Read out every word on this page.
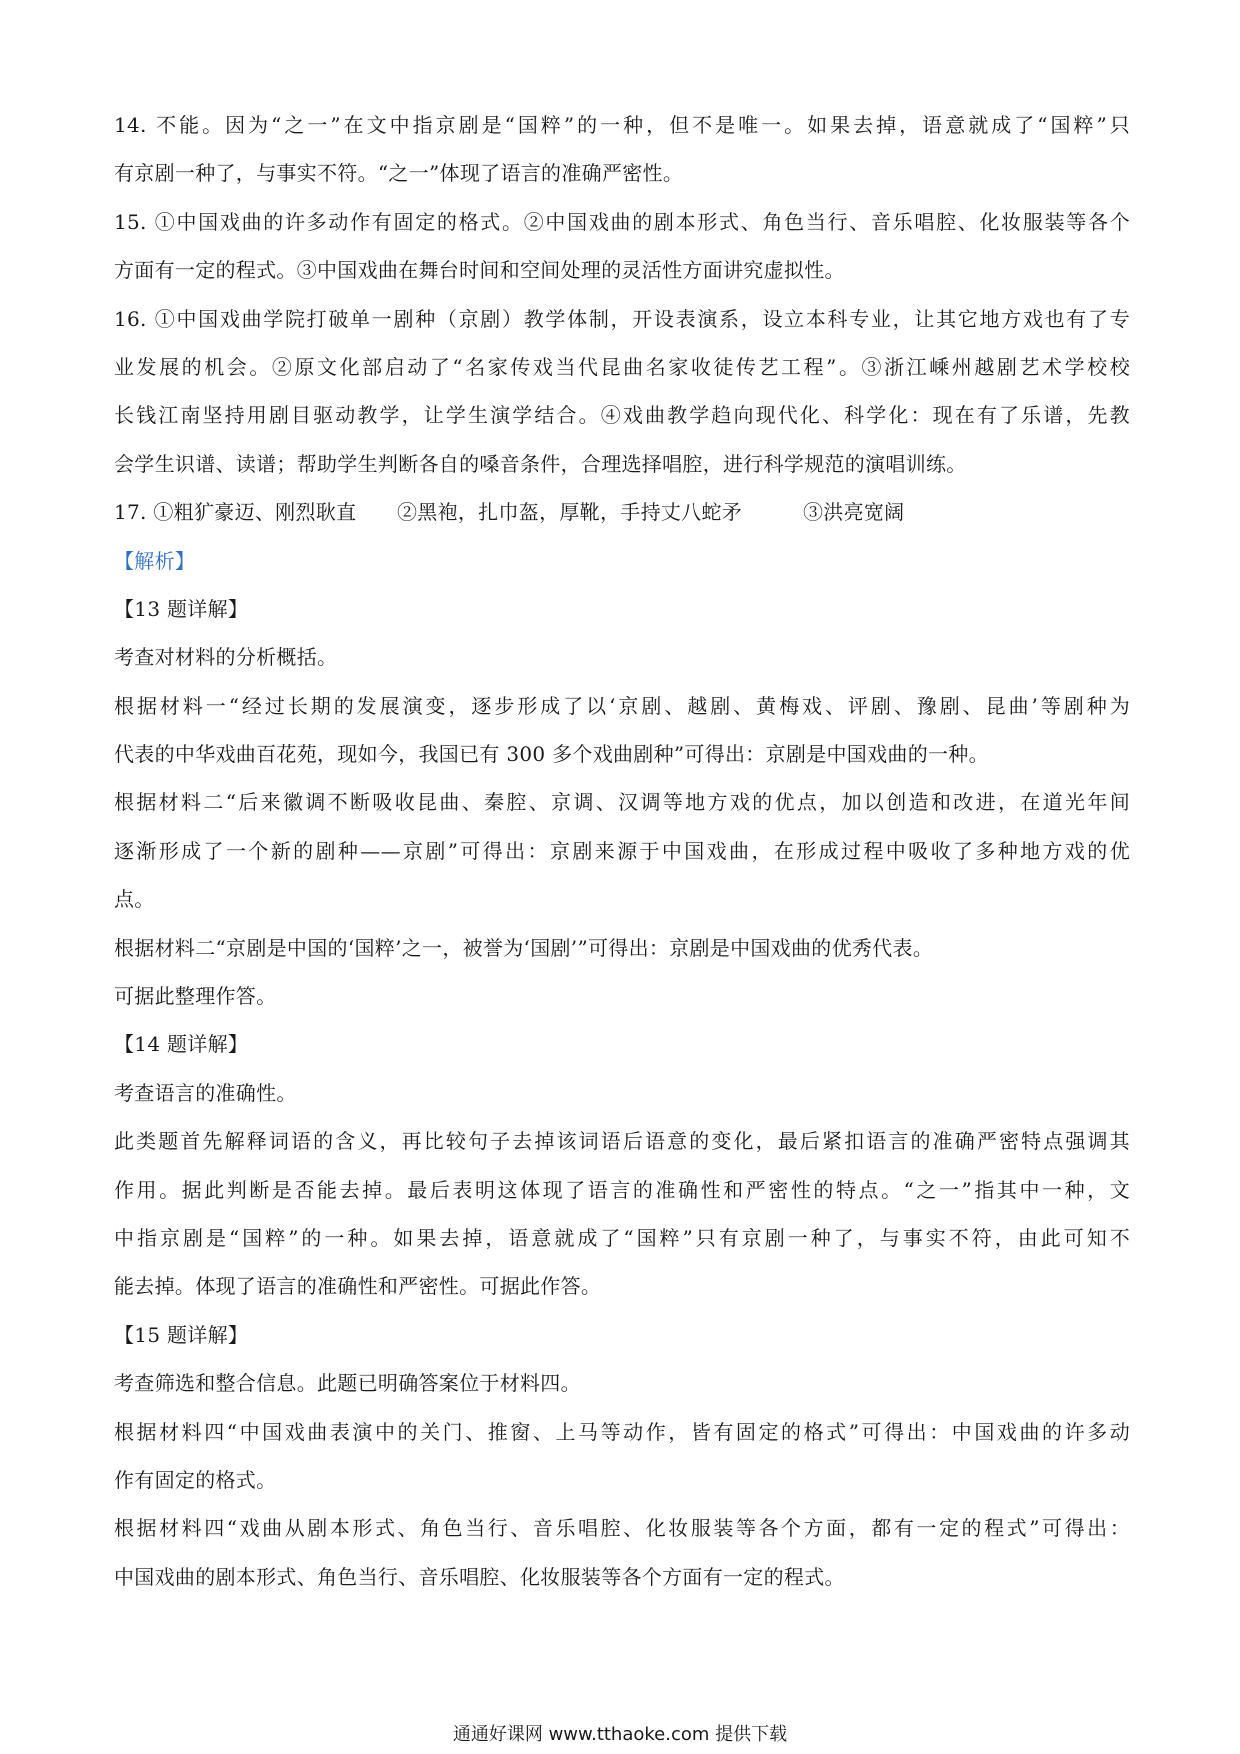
14. 不能。因为“之一”在文中指京剧是“国粹”的一种，但不是唯一。如果去掉，语意就成了“国粹”只
有京剧一种了，与事实不符。“之一”体现了语言的准确严密性。
15. ①中国戏曲的许多动作有固定的格式。②中国戏曲的剧本形式、角色当行、音乐唱腔、化妆服装等各个
方面有一定的程式。③中国戏曲在舞台时间和空间处理的灵活性方面讲究虚拟性。
16. ①中国戏曲学院打破单一剧种（京剧）教学体制，开设表演系，设立本科专业，让其它地方戏也有了专
业发展的机会。②原文化部启动了“名家传戏当代昆曲名家收徒传艺工程”。③浙江嵊州越剧艺术学校校
长钱江南坚持用剧目驱动教学，让学生演学结合。④戏曲教学趋向现代化、科学化：现在有了乐谱，先教
会学生识谱、读谱；帮助学生判断各自的嗓音条件，合理选择唱腔，进行科学规范的演唱训练。
17. ①粗犷豪迈、刚烈耿直　　②黑袍，扎巾盔，厚靴，手持丈八蛇矛　　　③洪亮宽阔
【解析】
【13 题详解】
考查对材料的分析概括。
根据材料一“经过长期的发展演变，逐步形成了以‘京剧、越剧、黄梅戏、评剧、豫剧、昆曲’等剧种为
代表的中华戏曲百花苑，现如今，我国已有 300 多个戏曲剧种”可得出：京剧是中国戏曲的一种。
根据材料二“后来徽调不断吸收昆曲、秦腔、京调、汉调等地方戏的优点，加以创造和改进，在道光年间
逐渐形成了一个新的剧种——京剧”可得出：京剧来源于中国戏曲，在形成过程中吸收了多种地方戏的优
点。
根据材料二“京剧是中国的‘国粹’之一，被誉为‘国剧’”可得出：京剧是中国戏曲的优秀代表。
可据此整理作答。
【14 题详解】
考查语言的准确性。
此类题首先解释词语的含义，再比较句子去掉该词语后语意的变化，最后紧扣语言的准确严密特点强调其
作用。据此判断是否能去掉。最后表明这体现了语言的准确性和严密性的特点。“之一”指其中一种，文
中指京剧是“国粹”的一种。如果去掉，语意就成了“国粹”只有京剧一种了，与事实不符，由此可知不
能去掉。体现了语言的准确性和严密性。可据此作答。
【15 题详解】
考查筛选和整合信息。此题已明确答案位于材料四。
根据材料四“中国戏曲表演中的关门、推窗、上马等动作，皆有固定的格式”可得出：中国戏曲的许多动
作有固定的格式。
根据材料四“戏曲从剧本形式、角色当行、音乐唱腔、化妆服装等各个方面，都有一定的程式”可得出：
中国戏曲的剧本形式、角色当行、音乐唱腔、化妆服装等各个方面有一定的程式。
通通好课网 www.tthaoke.com 提供下载
